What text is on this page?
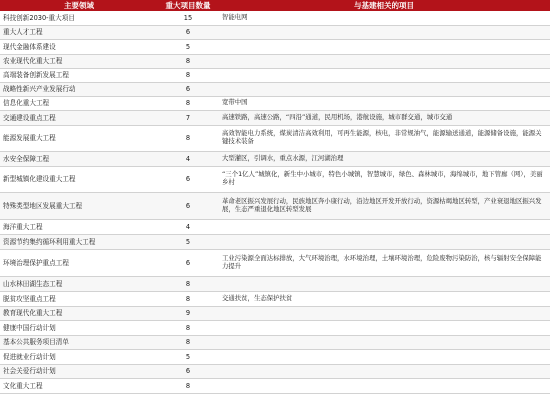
主要领域	重大项目数量	与基建相关的项目
科技创新2030-重大项目	15	智能电网
重大人才工程	6	
现代金融体系建设	5	
农业现代化重大工程	8	
高端装备创新发展工程	8	
战略性新兴产业发展行动	6	
信息化重大工程	8	宽带中国
交通建设重点工程	7	高速铁路，高速公路，“四沿”通道，民用机场，港航设施，城市群交通，城市交通
能源发展重大工程	8	高效智能电力系统，煤炭清洁高效利用，可再生能源，核电，非常规油气，能源输送通道，能源储备设施，能源关键技术装备
水安全保障工程	4	大型灌区，引调水，重点水源，江河湖治理
新型城镇化建设重大工程	6	“三个1亿人”城镇化，新生中小城市，特色小城镇，智慧城市，绿色、森林城市，海绵城市，地下管廊（网），美丽乡村
特殊类型地区发展重大工程	6	革命老区振兴发展行动，民族地区奔小康行动，沿边地区开发开放行动，资源枯竭地区转型，产业衰退地区振兴发展，生态严重退化地区转型发展
海洋重大工程	4	
资源节约集约循环利用重大工程	5	
环境治理保护重点工程	6	工业污染源全面达标排放，大气环境治理，水环境治理，土壤环境治理，危险废物污染防治，核与辐射安全保障能力提升
山水林田湖生态工程	8	
脱贫攻坚重点工程	8	交通扶贫，生态保护扶贫
教育现代化重大工程	9	
健康中国行动计划	8	
基本公共服务项目清单	8	
促进就业行动计划	5	
社会关爱行动计划	6	
文化重大工程	8	
